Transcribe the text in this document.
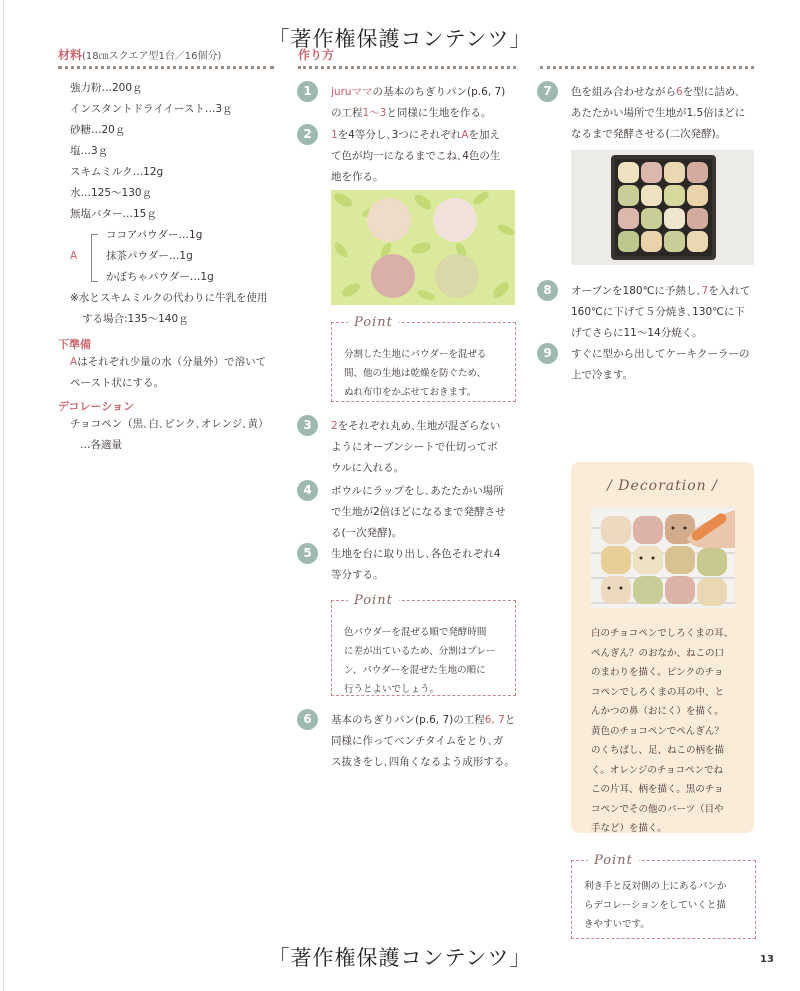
「著作権保護コンテンツ」
「著作権保護コンテンツ」
材料(18㎝スクエア型1台／16個分)
強力粉…200ｇ
インスタントドライイースト…3ｇ
砂糖…20ｇ
塩…3ｇ
スキムミルク…12g
水…125〜130ｇ
無塩バター…15ｇ
A
ココアパウダー…1g
抹茶パウダー…1g
かぼちゃパウダー…1g
※水とスキムミルクの代わりに牛乳を使用
する場合:135〜140ｇ
下準備
Aはそれぞれ少量の水（分量外）で溶いて
ペースト状にする。
デコレーション
チョコペン（黒､白､ピンク､オレンジ､黄）
…各適量
作り方
1	juruママの基本のちぎりパン(p.6, 7)
の工程1〜3と同様に生地を作る。
2	1を4等分し､3つにそれぞれAを加え
て色が均一になるまでこね､4色の生
地を作る。
Point
分割した生地にパウダーを混ぜる
間、他の生地は乾燥を防ぐため、
ぬれ布巾をかぶせておきます。
3	2をそれぞれ丸め､生地が混ざらない
ようにオーブンシートで仕切ってボ
ウルに入れる。
4	ボウルにラップをし､あたたかい場所
で生地が2倍ほどになるまで発酵させ
る(一次発酵)。
5	生地を台に取り出し､各色それぞれ4
等分する。
Point
色パウダーを混ぜる順で発酵時間
に差が出ているため、分割はプレー
ン、パウダーを混ぜた生地の順に
行うとよいでしょう。
6	基本のちぎりパン(p.6, 7)の工程6, 7と
同様に作ってベンチタイムをとり､ガ
ス抜きをし､四角くなるよう成形する。
7	色を組み合わせながら6を型に詰め､
あたたかい場所で生地が1.5倍ほどに
なるまで発酵させる(二次発酵)。
8	オーブンを180℃に予熱し､7を入れて
160℃に下げて５分焼き､130℃に下
げてさらに11〜14分焼く。
9	すぐに型から出してケーキクーラーの
上で冷ます。
/ Decoration /
白のチョコペンでしろくまの耳、
ぺんぎん？のおなか、ねこの口
のまわりを描く。ピンクのチョ
コペンでしろくまの耳の中、と
んかつの鼻（おにく）を描く。
黄色のチョコペンでぺんぎん？
のくちばし、足、ねこの柄を描
く。オレンジのチョコペンでね
この片耳、柄を描く。黒のチョ
コペンでその他のパーツ（目や
手など）を描く。
Point
利き手と反対側の上にあるパンか
らデコレーションをしていくと描
きやすいです。
13
